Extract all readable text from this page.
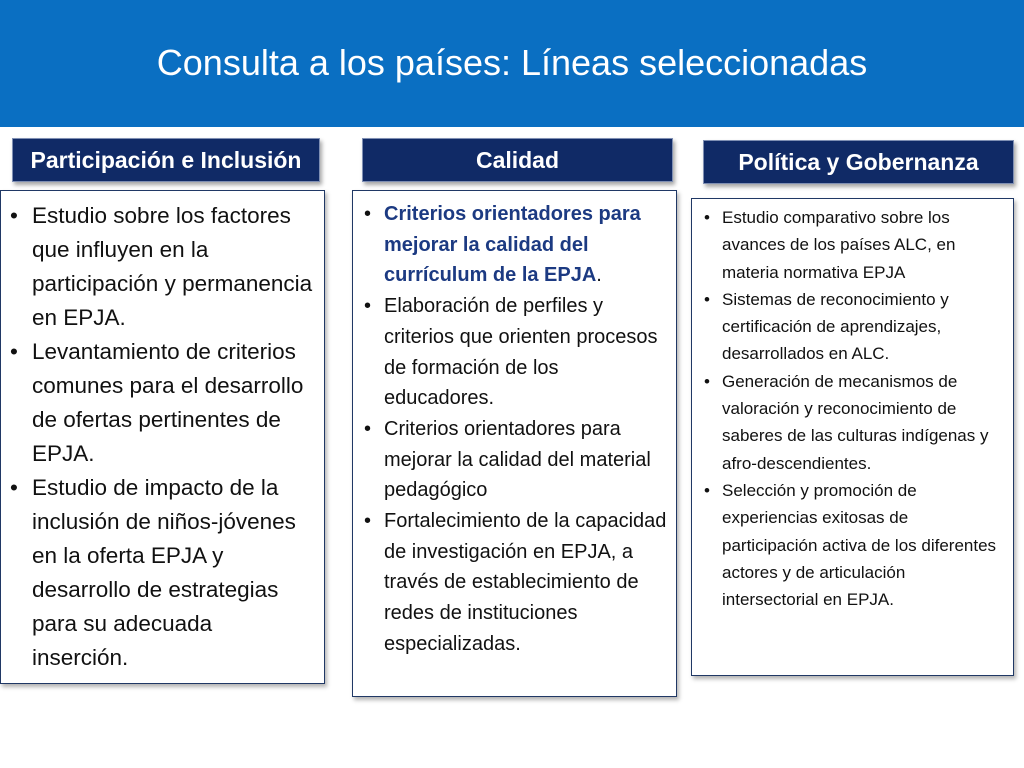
Consulta a los países: Líneas seleccionadas
Participación e Inclusión	Calidad	Política y Gobernanza
• Estudio sobre los factores que influyen en la participación y permanencia en EPJA.
• Levantamiento de criterios comunes para el desarrollo de ofertas pertinentes de EPJA.
• Estudio de impacto de la inclusión de niños-jóvenes en la oferta EPJA y desarrollo de estrategias para su adecuada inserción.
• Criterios orientadores para mejorar la calidad del currículum de la EPJA.
• Elaboración de perfiles y criterios que orienten procesos de formación de los educadores.
• Criterios orientadores para mejorar la calidad del material pedagógico
• Fortalecimiento de la capacidad de investigación en EPJA, a través de establecimiento de redes de instituciones especializadas.
• Estudio comparativo sobre los avances de los países ALC, en materia normativa EPJA
• Sistemas de reconocimiento y certificación de aprendizajes, desarrollados en ALC.
• Generación de mecanismos de valoración y reconocimiento de saberes de las culturas indígenas y afro-descendientes.
• Selección y promoción de experiencias exitosas de participación activa de los diferentes actores y de articulación intersectorial en EPJA.
